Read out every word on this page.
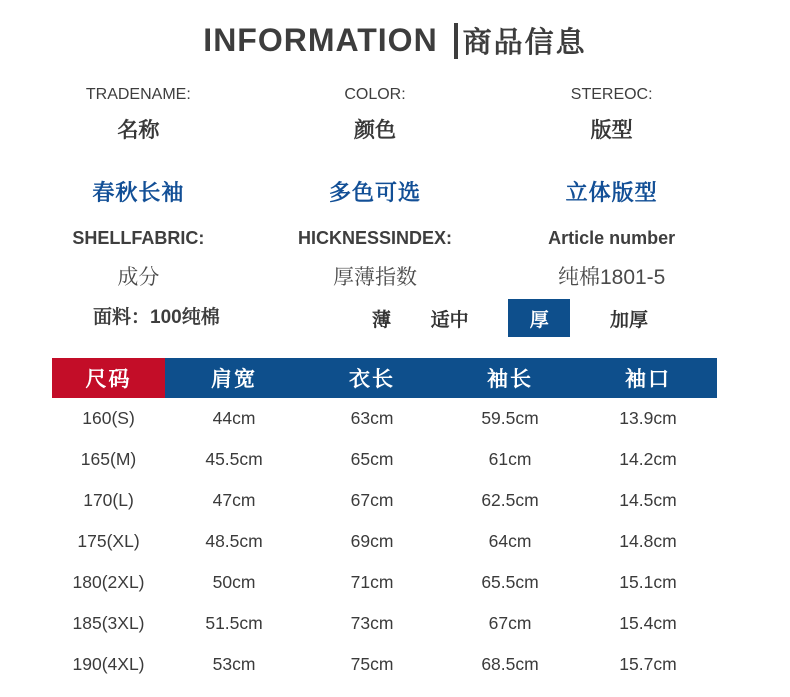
INFORMATION 商品信息
TRADENAME:
名称
春秋长袖
COLOR:
颜色
多色可选
STEREOC:
版型
立体版型
SHELLFABRIC:
成分
HICKNESSINDEX:
厚薄指数
Article number
纯棉1801-5
面料：100纯棉	薄 适中	厚	加厚
尺码	肩宽	衣长	袖长	袖口
160(S)	44cm	63cm	59.5cm	13.9cm
165(M)	45.5cm	65cm	61cm	14.2cm
170(L)	47cm	67cm	62.5cm	14.5cm
175(XL)	48.5cm	69cm	64cm	14.8cm
180(2XL)	50cm	71cm	65.5cm	15.1cm
185(3XL)	51.5cm	73cm	67cm	15.4cm
190(4XL)	53cm	75cm	68.5cm	15.7cm
